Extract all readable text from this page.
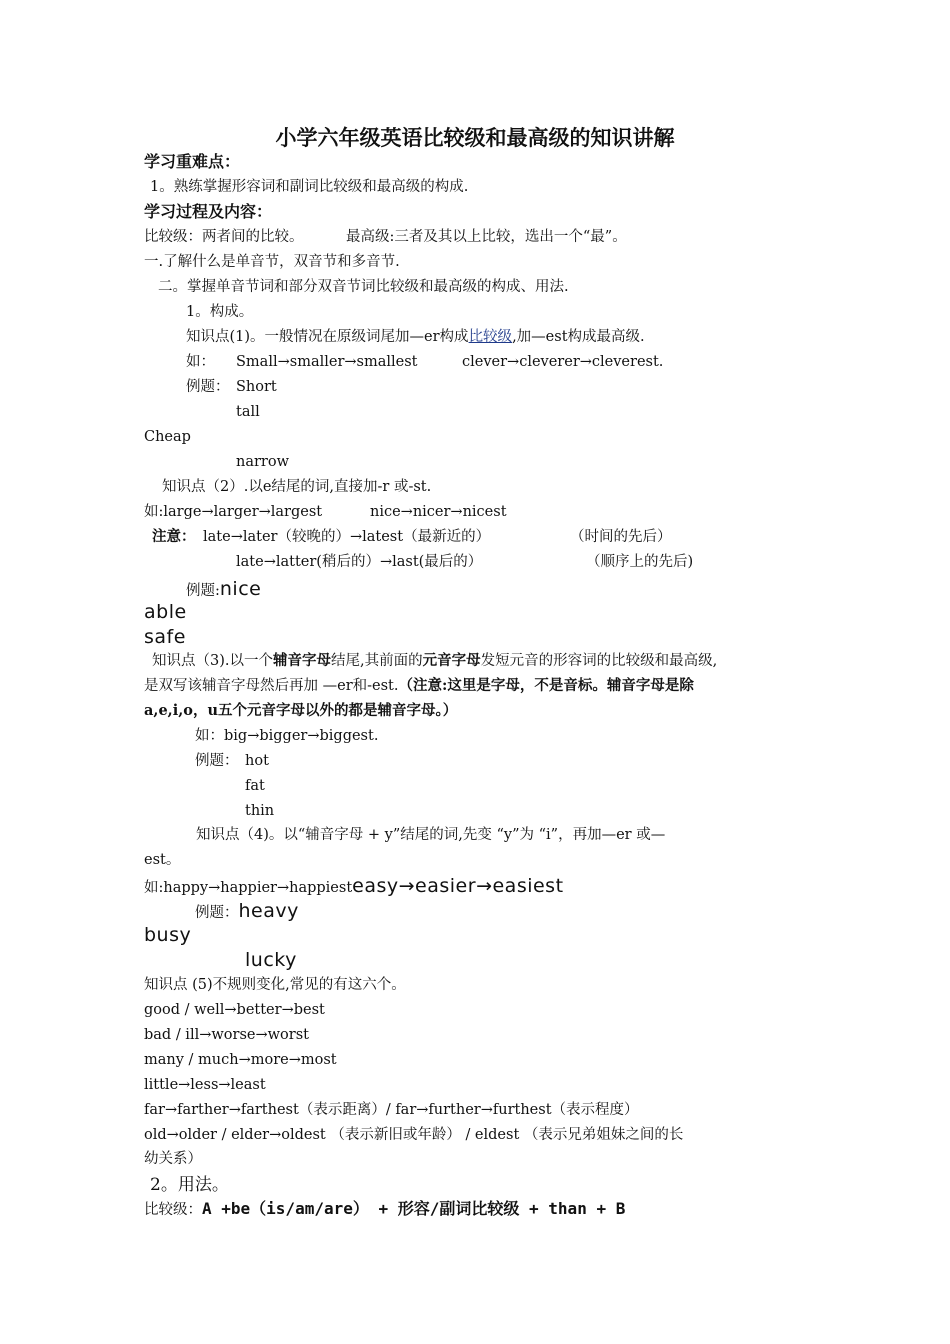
小学六年级英语比较级和最高级的知识讲解
学习重难点：
1。熟练掌握形容词和副词比较级和最高级的构成.
学习过程及内容：
比较级：两者间的比较。	最高级:三者及其以上比较，选出一个“最”。
一.了解什么是单音节，双音节和多音节.
二。掌握单音节词和部分双音节词比较级和最高级的构成、用法.
1。构成。
知识点(1)。一般情况在原级词尾加—er构成比较级,加—est构成最高级.
如： Small→smaller→smallest	clever→cleverer→cleverest.
例题： Short
tall
Cheap
narrow
知识点（2）.以e结尾的词,直接加-r 或-st.
如:large→larger→largest	nice→nicer→nicest
注意： late→later（较晚的）→latest（最新近的）	（时间的先后）
late→latter(稍后的）→last(最后的）	（顺序上的先后)
例题:nice
able
safe
知识点（3).以一个辅音字母结尾,其前面的元音字母发短元音的形容词的比较级和最高级,
是双写该辅音字母然后再加 —er和-est.（注意:这里是字母，不是音标。辅音字母是除
a,e,i,o，u五个元音字母以外的都是辅音字母。）
如：big→bigger→biggest.
例题： hot
fat
thin
知识点（4)。以“辅音字母 + y”结尾的词,先变 “y”为 “i”，再加—er 或—
est。
如:happy→happier→happiesteasy→easier→easiest
例题：heavy
busy
lucky
知识点 (5)不规则变化,常见的有这六个。
good / well→better→best
bad / ill→worse→worst
many / much→more→most
little→less→least
far→farther→farthest（表示距离）/ far→further→furthest（表示程度）
old→older / elder→oldest （表示新旧或年龄） / eldest （表示兄弟姐妹之间的长
幼关系）
2。用法。
比较级：A +be（is/am/are） + 形容/副词比较级 + than + B
